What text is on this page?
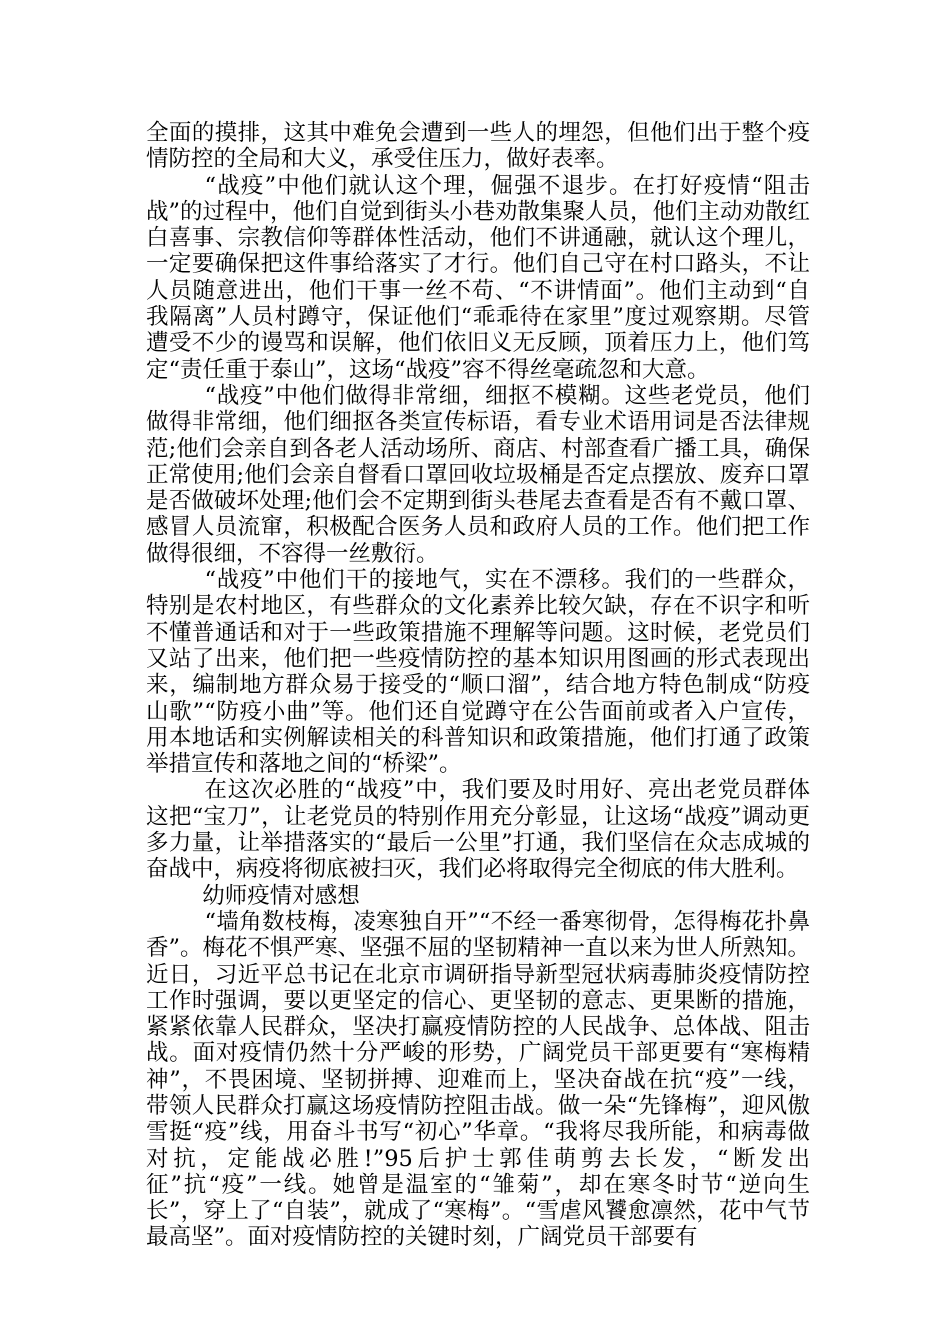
全面的摸排，这其中难免会遭到一些人的埋怨，但他们出于整个疫情防控的全局和大义，承受住压力，做好表率。

“战疫”中他们就认这个理，倔强不退步。在打好疫情“阻击战”的过程中，他们自觉到街头小巷劝散集聚人员，他们主动劝散红白喜事、宗教信仰等群体性活动，他们不讲通融，就认这个理儿，一定要确保把这件事给落实了才行。他们自己守在村口路头，不让人员随意进出，他们干事一丝不苟、“不讲情面”。他们主动到“自我隔离”人员村蹲守，保证他们“乖乖待在家里”度过观察期。尽管遭受不少的谩骂和误解，他们依旧义无反顾，顶着压力上，他们笃定“责任重于泰山”，这场“战疫”容不得丝毫疏忽和大意。

“战疫”中他们做得非常细，细抠不模糊。这些老党员，他们做得非常细，他们细抠各类宣传标语，看专业术语用词是否法律规范;他们会亲自到各老人活动场所、商店、村部查看广播工具，确保正常使用;他们会亲自督看口罩回收垃圾桶是否定点摆放、废弃口罩是否做破坏处理;他们会不定期到街头巷尾去查看是否有不戴口罩、感冒人员流窜，积极配合医务人员和政府人员的工作。他们把工作做得很细，不容得一丝敷衍。

“战疫”中他们干的接地气，实在不漂移。我们的一些群众，特别是农村地区，有些群众的文化素养比较欠缺，存在不识字和听不懂普通话和对于一些政策措施不理解等问题。这时候，老党员们又站了出来，他们把一些疫情防控的基本知识用图画的形式表现出来，编制地方群众易于接受的“顺口溜”，结合地方特色制成“防疫山歌”“防疫小曲”等。他们还自觉蹲守在公告面前或者入户宣传，用本地话和实例解读相关的科普知识和政策措施，他们打通了政策举措宣传和落地之间的“桥梁”。

在这次必胜的“战疫”中，我们要及时用好、亮出老党员群体这把“宝刀”，让老党员的特别作用充分彰显，让这场“战疫”调动更多力量，让举措落实的“最后一公里”打通，我们坚信在众志成城的奋战中，病疫将彻底被扫灭，我们必将取得完全彻底的伟大胜利。

幼师疫情对感想

“墙角数枝梅，凌寒独自开”“不经一番寒彻骨，怎得梅花扑鼻香”。梅花不惧严寒、坚强不屈的坚韧精神一直以来为世人所熟知。近日，习近平总书记在北京市调研指导新型冠状病毒肺炎疫情防控工作时强调，要以更坚定的信心、更坚韧的意志、更果断的措施，紧紧依靠人民群众，坚决打赢疫情防控的人民战争、总体战、阻击战。面对疫情仍然十分严峻的形势，广阔党员干部更要有“寒梅精神”，不畏困境、坚韧拼搏、迎难而上，坚决奋战在抗“疫”一线，带领人民群众打赢这场疫情防控阻击战。做一朵“先锋梅”，迎风傲雪挺“疫”线，用奋斗书写“初心”华章。“我将尽我所能，和病毒做对抗，定能战必胜!”95后护士郭佳萌剪去长发，“断发出征”抗“疫”一线。她曾是温室的“雏菊”，却在寒冬时节“逆向生长”，穿上了“自装”，就成了“寒梅”。“雪虐风饕愈凛然，花中气节最高坚”。面对疫情防控的关键时刻，广阔党员干部要有
